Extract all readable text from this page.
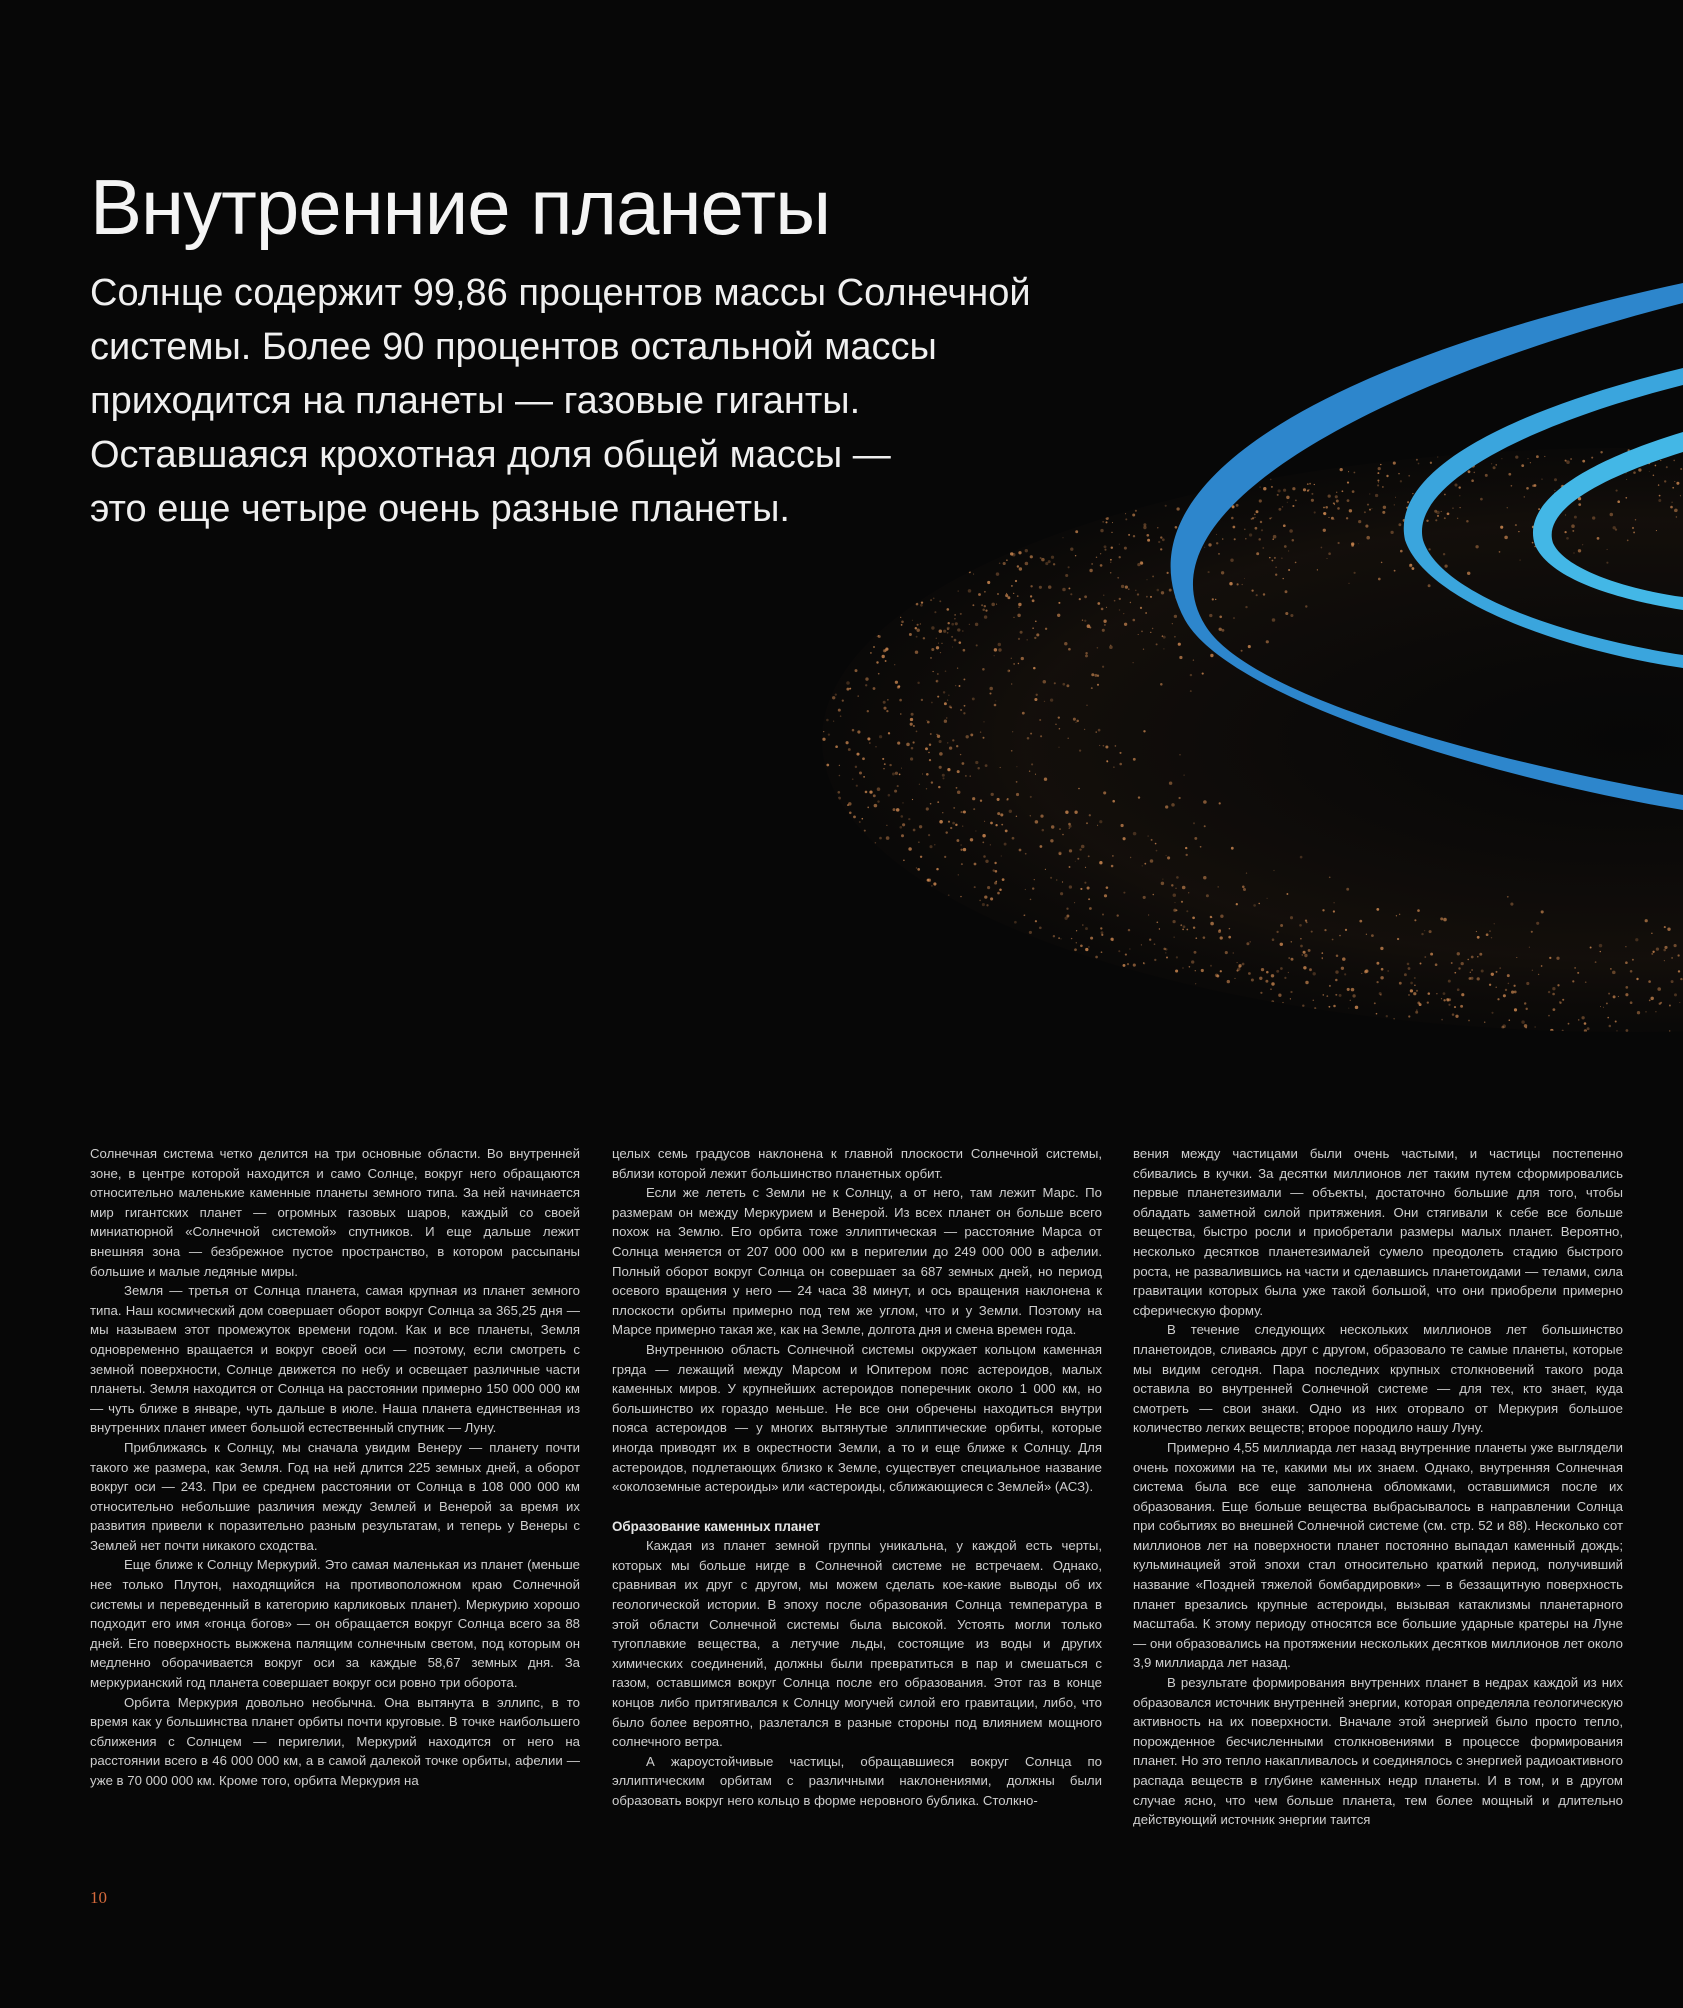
Внутренние планеты
Солнце содержит 99,86 процентов массы Солнечной
системы. Более 90 процентов остальной массы
приходится на планеты — газовые гиганты.
Оставшаяся крохотная доля общей массы —
это еще четыре очень разные планеты.

Солнечная система четко делится на три основные области. Во внутренней зоне, в центре которой находится и само Солнце, вокруг него обращаются относительно маленькие каменные планеты земного типа. За ней начинается мир гигантских планет — огромных газовых шаров, каждый со своей миниатюрной «Солнечной системой» спутников. И еще дальше лежит внешняя зона — безбрежное пустое пространство, в котором рассыпаны большие и малые ледяные миры.

Земля — третья от Солнца планета, самая крупная из планет земного типа. Наш космический дом совершает оборот вокруг Солнца за 365,25 дня — мы называем этот промежуток времени годом. Как и все планеты, Земля одновременно вращается и вокруг своей оси — поэтому, если смотреть с земной поверхности, Солнце движется по небу и освещает различные части планеты. Земля находится от Солнца на расстоянии примерно 150 000 000 км — чуть ближе в январе, чуть дальше в июле. Наша планета единственная из внутренних планет имеет большой естественный спутник — Луну.

Приближаясь к Солнцу, мы сначала увидим Венеру — планету почти такого же размера, как Земля. Год на ней длится 225 земных дней, а оборот вокруг оси — 243. При ее среднем расстоянии от Солнца в 108 000 000 км относительно небольшие различия между Землей и Венерой за время их развития привели к поразительно разным результатам, и теперь у Венеры с Землей нет почти никакого сходства.

Еще ближе к Солнцу Меркурий. Это самая маленькая из планет (меньше нее только Плутон, находящийся на противоположном краю Солнечной системы и переведенный в категорию карликовых планет). Меркурию хорошо подходит его имя «гонца богов» — он обращается вокруг Солнца всего за 88 дней. Его поверхность выжжена палящим солнечным светом, под которым он медленно оборачивается вокруг оси за каждые 58,67 земных дня. За меркурианский год планета совершает вокруг оси ровно три оборота.

Орбита Меркурия довольно необычна. Она вытянута в эллипс, в то время как у большинства планет орбиты почти круговые. В точке наибольшего сближения с Солнцем — перигелии, Меркурий находится от него на расстоянии всего в 46 000 000 км, а в самой далекой точке орбиты, афелии — уже в 70 000 000 км. Кроме того, орбита Меркурия на

целых семь градусов наклонена к главной плоскости Солнечной системы, вблизи которой лежит большинство планетных орбит.

Если же лететь с Земли не к Солнцу, а от него, там лежит Марс. По размерам он между Меркурием и Венерой. Из всех планет он больше всего похож на Землю. Его орбита тоже эллиптическая — расстояние Марса от Солнца меняется от 207 000 000 км в перигелии до 249 000 000 в афелии. Полный оборот вокруг Солнца он совершает за 687 земных дней, но период осевого вращения у него — 24 часа 38 минут, и ось вращения наклонена к плоскости орбиты примерно под тем же углом, что и у Земли. Поэтому на Марсе примерно такая же, как на Земле, долгота дня и смена времен года.

Внутреннюю область Солнечной системы окружает кольцом каменная гряда — лежащий между Марсом и Юпитером пояс астероидов, малых каменных миров. У крупнейших астероидов поперечник около 1 000 км, но большинство их гораздо меньше. Не все они обречены находиться внутри пояса астероидов — у многих вытянутые эллиптические орбиты, которые иногда приводят их в окрестности Земли, а то и еще ближе к Солнцу. Для астероидов, подлетающих близко к Земле, существует специальное название «околоземные астероиды» или «астероиды, сближающиеся с Землей» (АСЗ).

Образование каменных планет

Каждая из планет земной группы уникальна, у каждой есть черты, которых мы больше нигде в Солнечной системе не встречаем. Однако, сравнивая их друг с другом, мы можем сделать кое-какие выводы об их геологической истории. В эпоху после образования Солнца температура в этой области Солнечной системы была высокой. Устоять могли только тугоплавкие вещества, а летучие льды, состоящие из воды и других химических соединений, должны были превратиться в пар и смешаться с газом, оставшимся вокруг Солнца после его образования. Этот газ в конце концов либо притягивался к Солнцу могучей силой его гравитации, либо, что было более вероятно, разлетался в разные стороны под влиянием мощного солнечного ветра.

А жароустойчивые частицы, обращавшиеся вокруг Солнца по эллиптическим орбитам с различными наклонениями, должны были образовать вокруг него кольцо в форме неровного бублика. Столкно-

вения между частицами были очень частыми, и частицы постепенно сбивались в кучки. За десятки миллионов лет таким путем сформировались первые планетезимали — объекты, достаточно большие для того, чтобы обладать заметной силой притяжения. Они стягивали к себе все больше вещества, быстро росли и приобретали размеры малых планет. Вероятно, несколько десятков планетезималей сумело преодолеть стадию быстрого роста, не развалившись на части и сделавшись планетоидами — телами, сила гравитации которых была уже такой большой, что они приобрели примерно сферическую форму.

В течение следующих нескольких миллионов лет большинство планетоидов, сливаясь друг с другом, образовало те самые планеты, которые мы видим сегодня. Пара последних крупных столкновений такого рода оставила во внутренней Солнечной системе — для тех, кто знает, куда смотреть — свои знаки. Одно из них оторвало от Меркурия большое количество легких веществ; второе породило нашу Луну.

Примерно 4,55 миллиарда лет назад внутренние планеты уже выглядели очень похожими на те, какими мы их знаем. Однако, внутренняя Солнечная система была все еще заполнена обломками, оставшимися после их образования. Еще больше вещества выбрасывалось в направлении Солнца при событиях во внешней Солнечной системе (см. стр. 52 и 88). Несколько сот миллионов лет на поверхности планет постоянно выпадал каменный дождь; кульминацией этой эпохи стал относительно краткий период, получивший название «Поздней тяжелой бомбардировки» — в беззащитную поверхность планет врезались крупные астероиды, вызывая катаклизмы планетарного масштаба. К этому периоду относятся все большие ударные кратеры на Луне — они образовались на протяжении нескольких десятков миллионов лет около 3,9 миллиарда лет назад.

В результате формирования внутренних планет в недрах каждой из них образовался источник внутренней энергии, которая определяла геологическую активность на их поверхности. Вначале этой энергией было просто тепло, порожденное бесчисленными столкновениями в процессе формирования планет. Но это тепло накапливалось и соединялось с энергией радиоактивного распада веществ в глубине каменных недр планеты. И в том, и в другом случае ясно, что чем больше планета, тем более мощный и длительно действующий источник энергии таится

10
